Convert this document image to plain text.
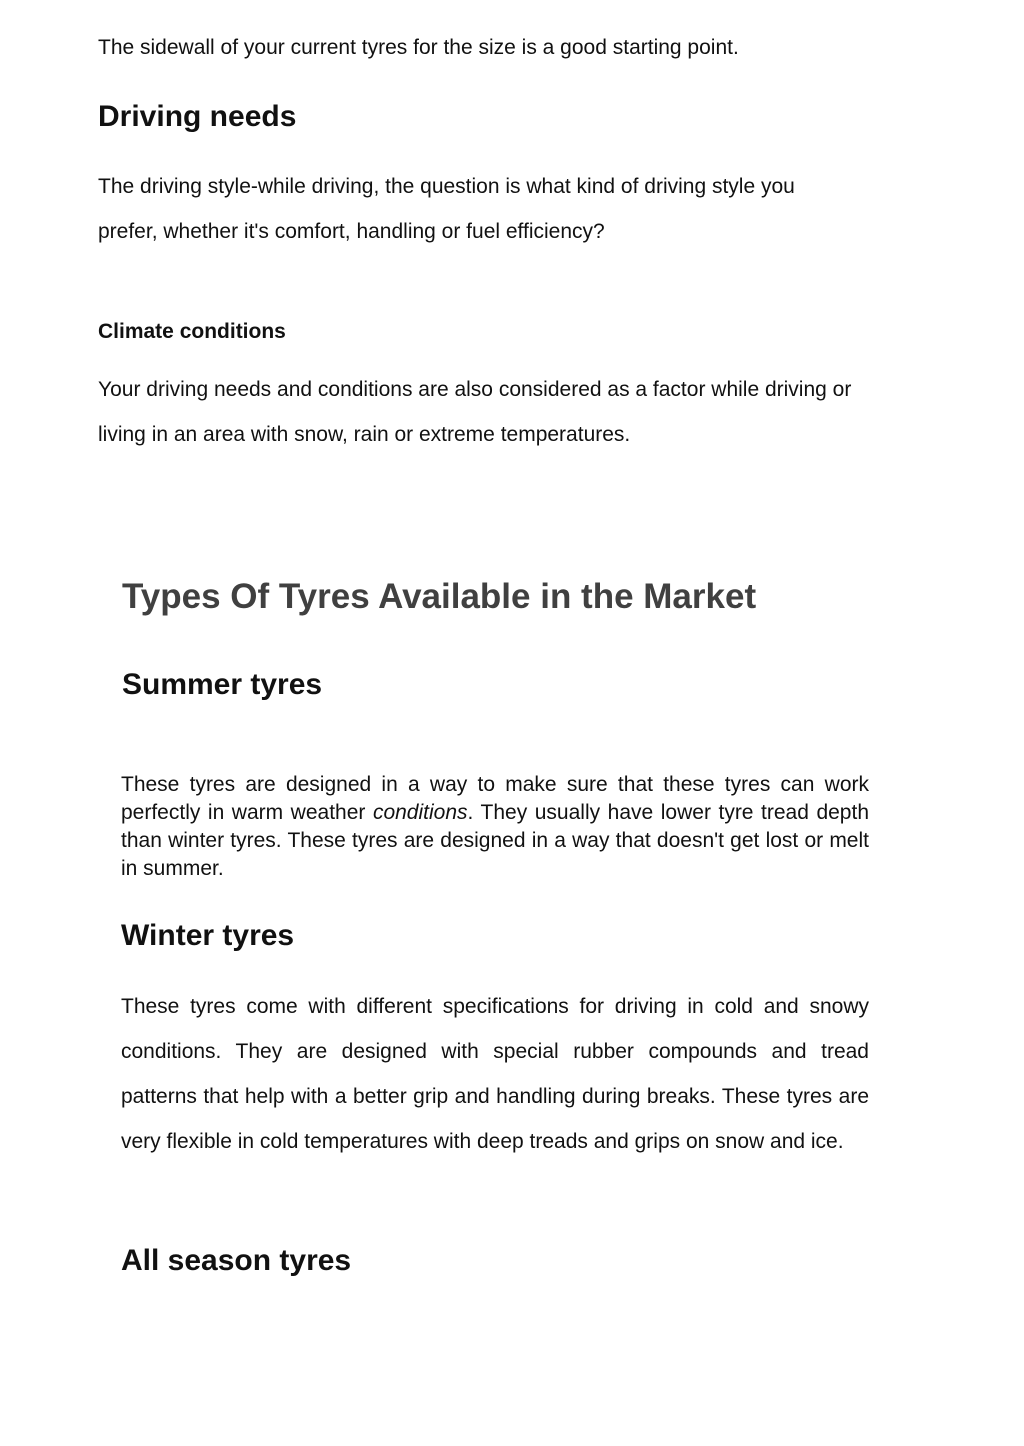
The sidewall of your current tyres for the size is a good starting point.

Driving needs

The driving style-while driving, the question is what kind of driving style you prefer, whether it's comfort, handling or fuel efficiency?

Climate conditions

Your driving needs and conditions are also considered as a factor while driving or living in an area with snow, rain or extreme temperatures.

Types Of Tyres Available in the Market
Summer tyres

These tyres are designed in a way to make sure that these tyres can work perfectly in warm weather conditions. They usually have lower tyre tread depth than winter tyres. These tyres are designed in a way that doesn't get lost or melt in summer.

Winter tyres

These tyres come with different specifications for driving in cold and snowy conditions. They are designed with special rubber compounds and tread patterns that help with a better grip and handling during breaks. These tyres are very flexible in cold temperatures with deep treads and grips on snow and ice.

All season tyres
